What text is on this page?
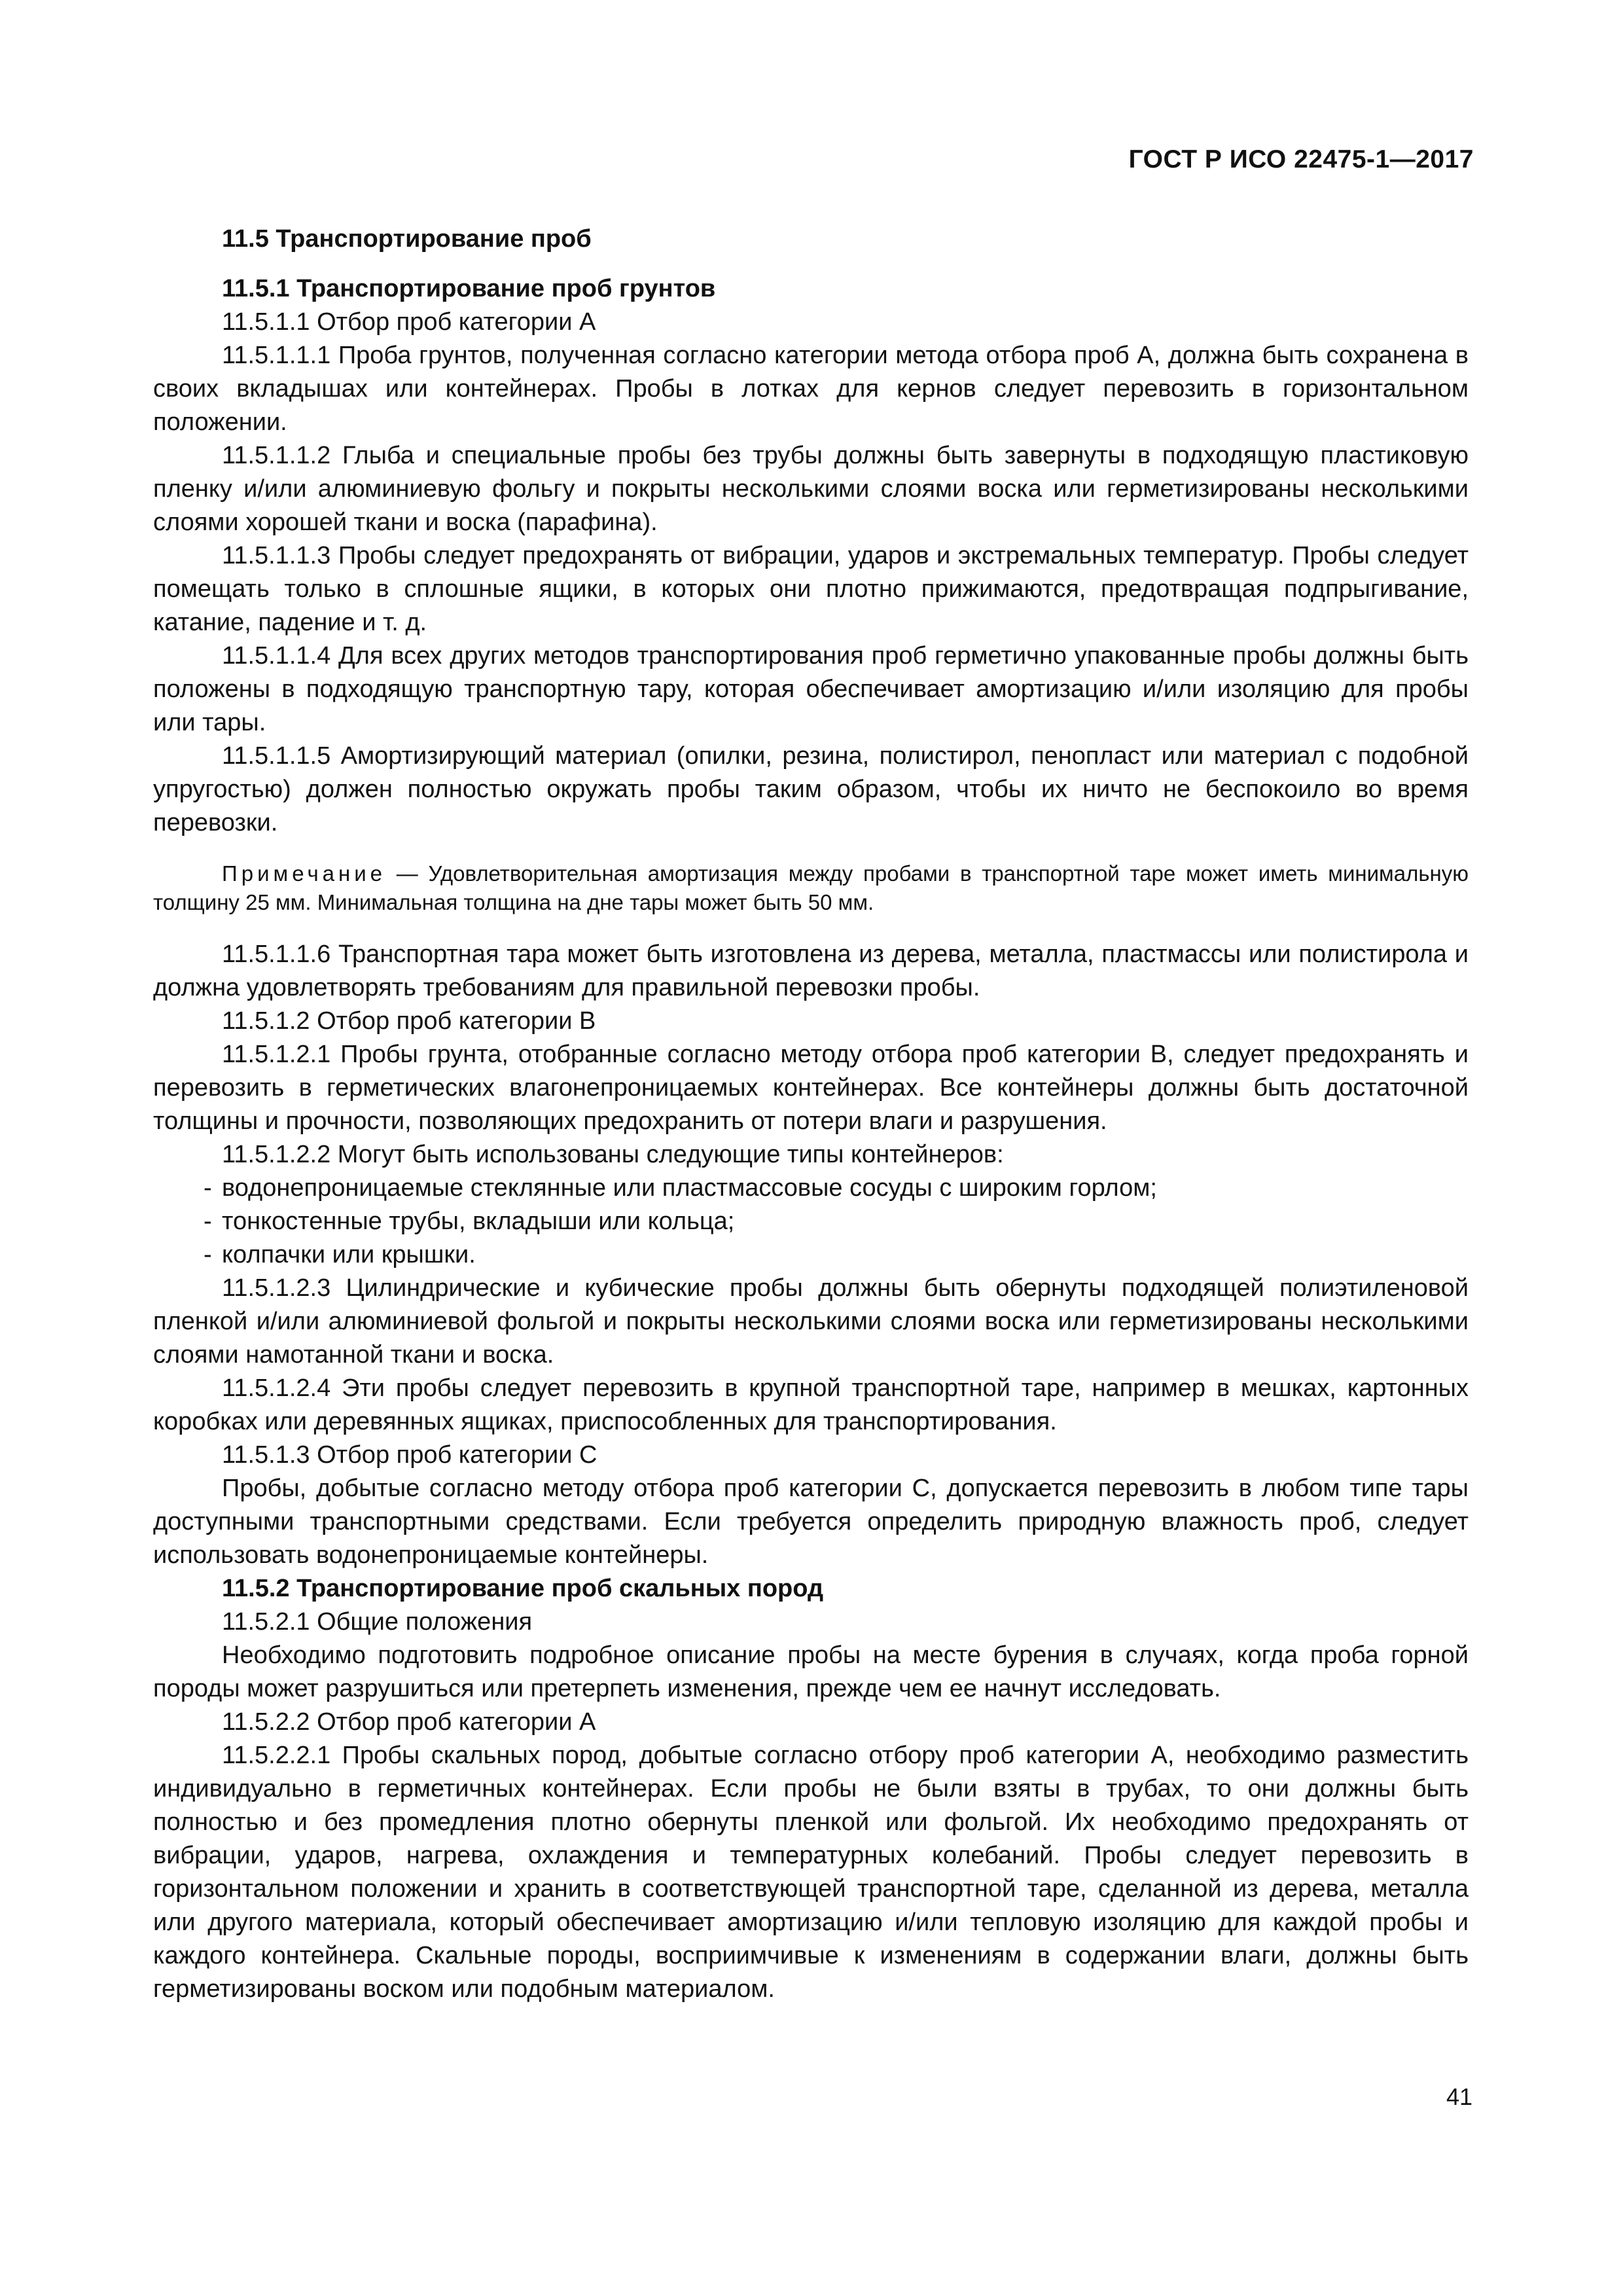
ГОСТ Р ИСО 22475-1—2017

11.5 Транспортирование проб

11.5.1 Транспортирование проб грунтов

11.5.1.1 Отбор проб категории А

11.5.1.1.1 Проба грунтов, полученная согласно категории метода отбора проб А, должна быть сохранена в своих вкладышах или контейнерах. Пробы в лотках для кернов следует перевозить в горизонтальном положении.

11.5.1.1.2 Глыба и специальные пробы без трубы должны быть завернуты в подходящую пластиковую пленку и/или алюминиевую фольгу и покрыты несколькими слоями воска или герметизированы несколькими слоями хорошей ткани и воска (парафина).

11.5.1.1.3 Пробы следует предохранять от вибрации, ударов и экстремальных температур. Пробы следует помещать только в сплошные ящики, в которых они плотно прижимаются, предотвращая подпрыгивание, катание, падение и т. д.

11.5.1.1.4 Для всех других методов транспортирования проб герметично упакованные пробы должны быть положены в подходящую транспортную тару, которая обеспечивает амортизацию и/или изоляцию для пробы или тары.

11.5.1.1.5 Амортизирующий материал (опилки, резина, полистирол, пенопласт или материал с подобной упругостью) должен полностью окружать пробы таким образом, чтобы их ничто не беспокоило во время перевозки.

Примечание — Удовлетворительная амортизация между пробами в транспортной таре может иметь минимальную толщину 25 мм. Минимальная толщина на дне тары может быть 50 мм.

11.5.1.1.6 Транспортная тара может быть изготовлена из дерева, металла, пластмассы или полистирола и должна удовлетворять требованиям для правильной перевозки пробы.

11.5.1.2 Отбор проб категории В

11.5.1.2.1 Пробы грунта, отобранные согласно методу отбора проб категории В, следует предохранять и перевозить в герметических влагонепроницаемых контейнерах. Все контейнеры должны быть достаточной толщины и прочности, позволяющих предохранить от потери влаги и разрушения.

11.5.1.2.2 Могут быть использованы следующие типы контейнеров:

- водонепроницаемые стеклянные или пластмассовые сосуды с широким горлом;
- тонкостенные трубы, вкладыши или кольца;
- колпачки или крышки.

11.5.1.2.3 Цилиндрические и кубические пробы должны быть обернуты подходящей полиэтиленовой пленкой и/или алюминиевой фольгой и покрыты несколькими слоями воска или герметизированы несколькими слоями намотанной ткани и воска.

11.5.1.2.4 Эти пробы следует перевозить в крупной транспортной таре, например в мешках, картонных коробках или деревянных ящиках, приспособленных для транспортирования.

11.5.1.3 Отбор проб категории С

Пробы, добытые согласно методу отбора проб категории С, допускается перевозить в любом типе тары доступными транспортными средствами. Если требуется определить природную влажность проб, следует использовать водонепроницаемые контейнеры.

11.5.2 Транспортирование проб скальных пород

11.5.2.1 Общие положения

Необходимо подготовить подробное описание пробы на месте бурения в случаях, когда проба горной породы может разрушиться или претерпеть изменения, прежде чем ее начнут исследовать.

11.5.2.2 Отбор проб категории А

11.5.2.2.1 Пробы скальных пород, добытые согласно отбору проб категории А, необходимо разместить индивидуально в герметичных контейнерах. Если пробы не были взяты в трубах, то они должны быть полностью и без промедления плотно обернуты пленкой или фольгой. Их необходимо предохранять от вибрации, ударов, нагрева, охлаждения и температурных колебаний. Пробы следует перевозить в горизонтальном положении и хранить в соответствующей транспортной таре, сделанной из дерева, металла или другого материала, который обеспечивает амортизацию и/или тепловую изоляцию для каждой пробы и каждого контейнера. Скальные породы, восприимчивые к изменениям в содержании влаги, должны быть герметизированы воском или подобным материалом.

41
